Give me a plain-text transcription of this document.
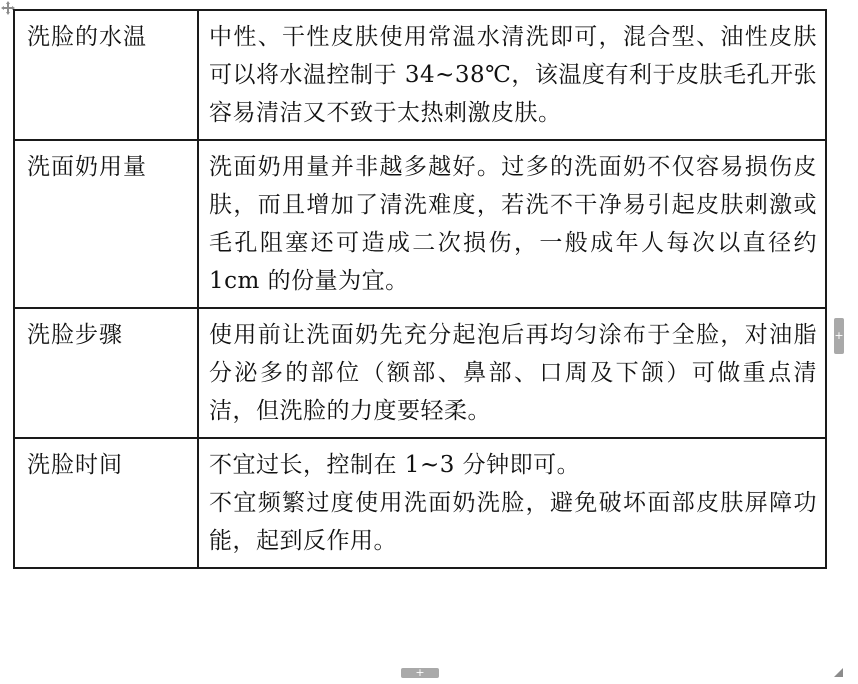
洗脸的水温	中性、干性皮肤使用常温水清洗即可，混合型、油性皮肤可以将水温控制于 34~38℃，该温度有利于皮肤毛孔开张容易清洁又不致于太热刺激皮肤。

洗面奶用量	洗面奶用量并非越多越好。过多的洗面奶不仅容易损伤皮肤，而且增加了清洗难度，若洗不干净易引起皮肤刺激或毛孔阻塞还可造成二次损伤，一般成年人每次以直径约 1cm 的份量为宜。

洗脸步骤	使用前让洗面奶先充分起泡后再均匀涂布于全脸，对油脂分泌多的部位（额部、鼻部、口周及下颌）可做重点清洁，但洗脸的力度要轻柔。

洗脸时间	不宜过长，控制在 1~3 分钟即可。
不宜频繁过度使用洗面奶洗脸，避免破坏面部皮肤屏障功能，起到反作用。
+
+
